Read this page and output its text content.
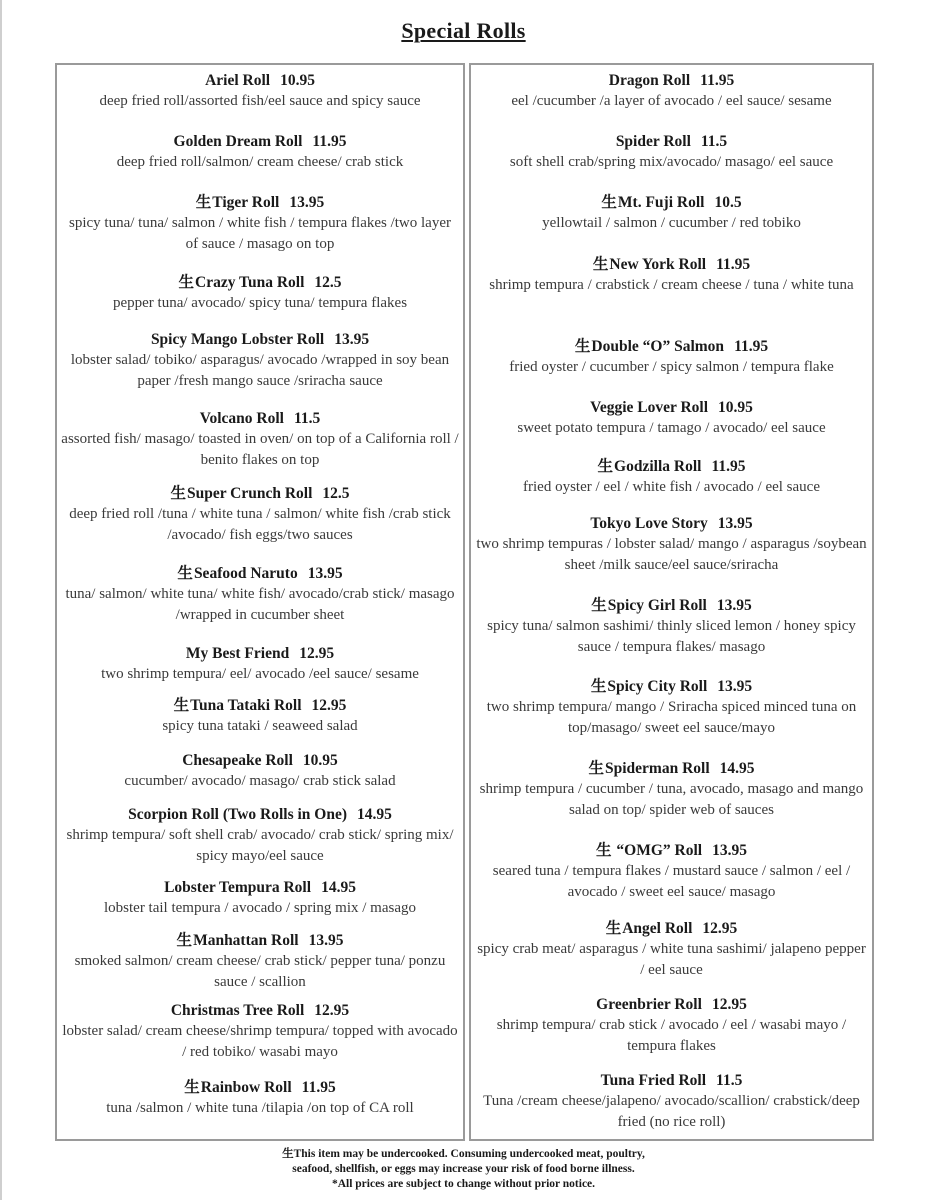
Special Rolls
Ariel Roll 10.95
deep fried roll/assorted fish/eel sauce and spicy sauce
Golden Dream Roll 11.95
deep fried roll/salmon/ cream cheese/ crab stick
生Tiger Roll 13.95
spicy tuna/ tuna/ salmon / white fish / tempura flakes /two layer of sauce / masago on top
生Crazy Tuna Roll 12.5
pepper tuna/ avocado/ spicy tuna/ tempura flakes
Spicy Mango Lobster Roll 13.95
lobster salad/ tobiko/ asparagus/ avocado /wrapped in soy bean paper /fresh mango sauce /sriracha sauce
Volcano Roll 11.5
assorted fish/ masago/ toasted in oven/ on top of a California roll / benito flakes on top
生Super Crunch Roll 12.5
deep fried roll /tuna / white tuna / salmon/ white fish /crab stick /avocado/ fish eggs/two sauces
生Seafood Naruto 13.95
tuna/ salmon/ white tuna/ white fish/ avocado/crab stick/ masago /wrapped in cucumber sheet
My Best Friend 12.95
two shrimp tempura/ eel/ avocado /eel sauce/ sesame
生Tuna Tataki Roll 12.95
spicy tuna tataki / seaweed salad
Chesapeake Roll 10.95
cucumber/ avocado/ masago/ crab stick salad
Scorpion Roll (Two Rolls in One) 14.95
shrimp tempura/ soft shell crab/ avocado/ crab stick/ spring mix/ spicy mayo/eel sauce
Lobster Tempura Roll 14.95
lobster tail tempura / avocado / spring mix / masago
生Manhattan Roll 13.95
smoked salmon/ cream cheese/ crab stick/ pepper tuna/ ponzu sauce / scallion
Christmas Tree Roll 12.95
lobster salad/ cream cheese/shrimp tempura/ topped with avocado / red tobiko/ wasabi mayo
生Rainbow Roll 11.95
tuna /salmon / white tuna /tilapia /on top of CA roll
Dragon Roll 11.95
eel /cucumber /a layer of avocado / eel sauce/ sesame
Spider Roll 11.5
soft shell crab/spring mix/avocado/ masago/ eel sauce
生Mt. Fuji Roll 10.5
yellowtail / salmon / cucumber / red tobiko
生New York Roll 11.95
shrimp tempura / crabstick / cream cheese / tuna / white tuna
生Double “O” Salmon 11.95
fried oyster / cucumber / spicy salmon / tempura flake
Veggie Lover Roll 10.95
sweet potato tempura / tamago / avocado/ eel sauce
生Godzilla Roll 11.95
fried oyster / eel / white fish / avocado / eel sauce
Tokyo Love Story 13.95
two shrimp tempuras / lobster salad/ mango / asparagus /soybean sheet /milk sauce/eel sauce/sriracha
生Spicy Girl Roll 13.95
spicy tuna/ salmon sashimi/ thinly sliced lemon / honey spicy sauce / tempura flakes/ masago
生Spicy City Roll 13.95
two shrimp tempura/ mango / Sriracha spiced minced tuna on top/masago/ sweet eel sauce/mayo
生Spiderman Roll 14.95
shrimp tempura / cucumber / tuna, avocado, masago and mango salad on top/ spider web of sauces
生 “OMG” Roll 13.95
seared tuna / tempura flakes / mustard sauce / salmon / eel / avocado / sweet eel sauce/ masago
生Angel Roll 12.95
spicy crab meat/ asparagus / white tuna sashimi/ jalapeno pepper / eel sauce
Greenbrier Roll 12.95
shrimp tempura/ crab stick / avocado / eel / wasabi mayo / tempura flakes
Tuna Fried Roll 11.5
Tuna /cream cheese/jalapeno/ avocado/scallion/ crabstick/deep fried (no rice roll)
生This item may be undercooked. Consuming undercooked meat, poultry,
seafood, shellfish, or eggs may increase your risk of food borne illness.
*All prices are subject to change without prior notice.
